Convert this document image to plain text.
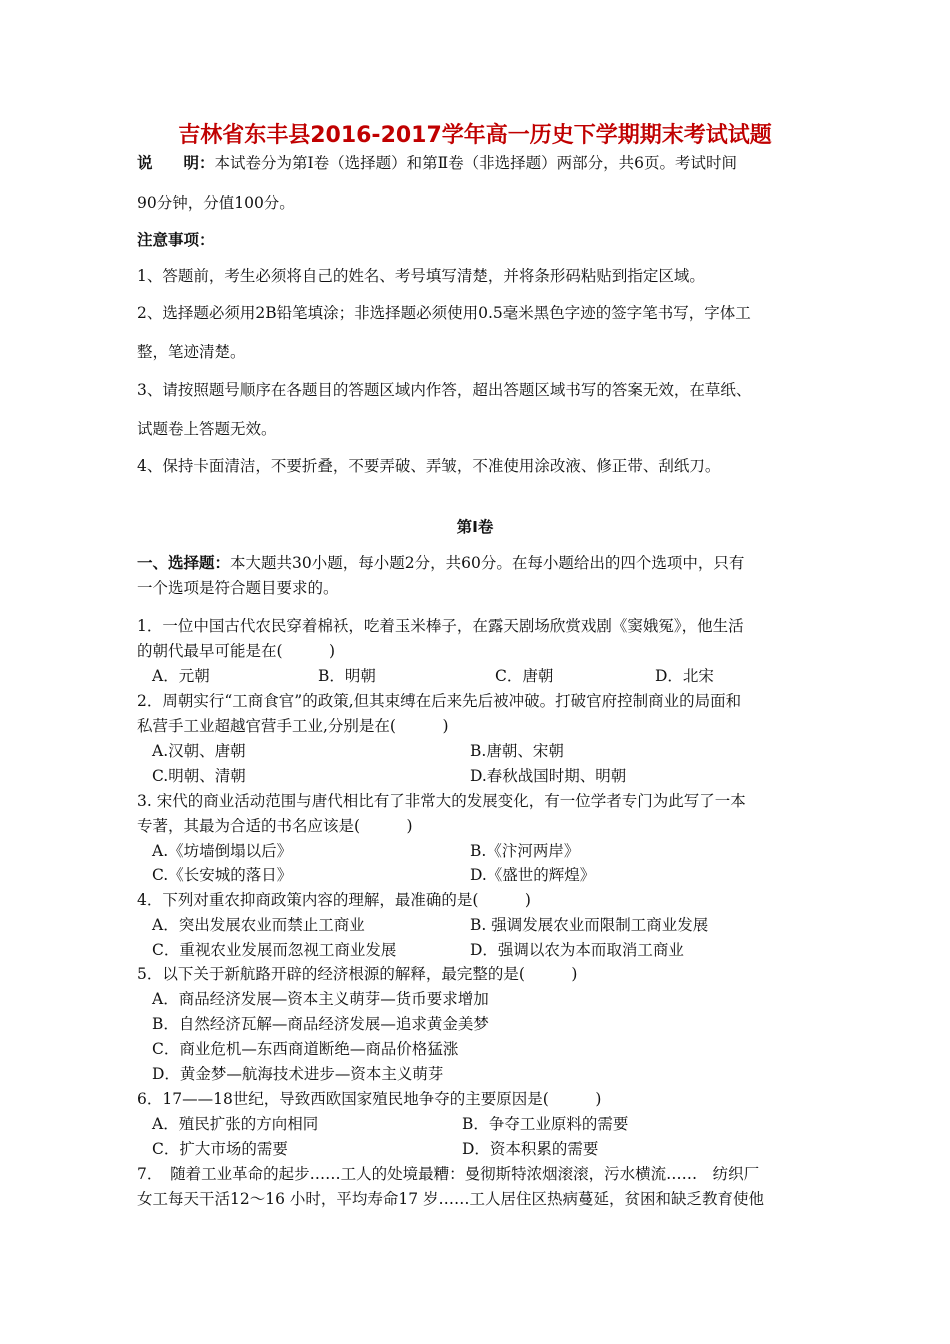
吉林省东丰县2016-2017学年高一历史下学期期末考试试题
说　　明：本试卷分为第Ⅰ卷（选择题）和第Ⅱ卷（非选择题）两部分，共6页。考试时间
90分钟，分值100分。
注意事项：
1、答题前，考生必须将自己的姓名、考号填写清楚，并将条形码粘贴到指定区域。
2、选择题必须用2B铅笔填涂；非选择题必须使用0.5毫米黑色字迹的签字笔书写，字体工
整，笔迹清楚。
3、请按照题号顺序在各题目的答题区域内作答，超出答题区域书写的答案无效，在草纸、
试题卷上答题无效。
4、保持卡面清洁，不要折叠，不要弄破、弄皱，不准使用涂改液、修正带、刮纸刀。
第Ⅰ卷
一、选择题：本大题共30小题，每小题2分，共60分。在每小题给出的四个选项中，只有
一个选项是符合题目要求的。
1．一位中国古代农民穿着棉袄，吃着玉米棒子，在露天剧场欣赏戏剧《窦娥冤》，他生活
的朝代最早可能是在(　　　)
A．元朝	B．明朝	C．唐朝	D．北宋
2．周朝实行“工商食官”的政策,但其束缚在后来先后被冲破。打破官府控制商业的局面和
私营手工业超越官营手工业,分别是在(　　　)
A.汉朝、唐朝	B.唐朝、宋朝
C.明朝、清朝	D.春秋战国时期、明朝
3. 宋代的商业活动范围与唐代相比有了非常大的发展变化，有一位学者专门为此写了一本
专著，其最为合适的书名应该是(　　　)
A.《坊墙倒塌以后》	B.《汴河两岸》
C.《长安城的落日》	D.《盛世的辉煌》
4．下列对重农抑商政策内容的理解，最准确的是(　　　)
A．突出发展农业而禁止工商业	B. 强调发展农业而限制工商业发展
C．重视农业发展而忽视工商业发展	D．强调以农为本而取消工商业
5．以下关于新航路开辟的经济根源的解释，最完整的是(　　　)
A．商品经济发展—资本主义萌芽—货币要求增加
B．自然经济瓦解—商品经济发展—追求黄金美梦
C．商业危机—东西商道断绝—商品价格猛涨
D．黄金梦—航海技术进步—资本主义萌芽
6．17——18世纪，导致西欧国家殖民地争夺的主要原因是(　　　)
A．殖民扩张的方向相同	B．争夺工业原料的需要
C．扩大市场的需要	D．资本积累的需要
7．　随着工业革命的起步……工人的处境最糟：曼彻斯特浓烟滚滚，污水横流……　纺织厂
女工每天干活12～16 小时，平均寿命17 岁……工人居住区热病蔓延，贫困和缺乏教育使他
